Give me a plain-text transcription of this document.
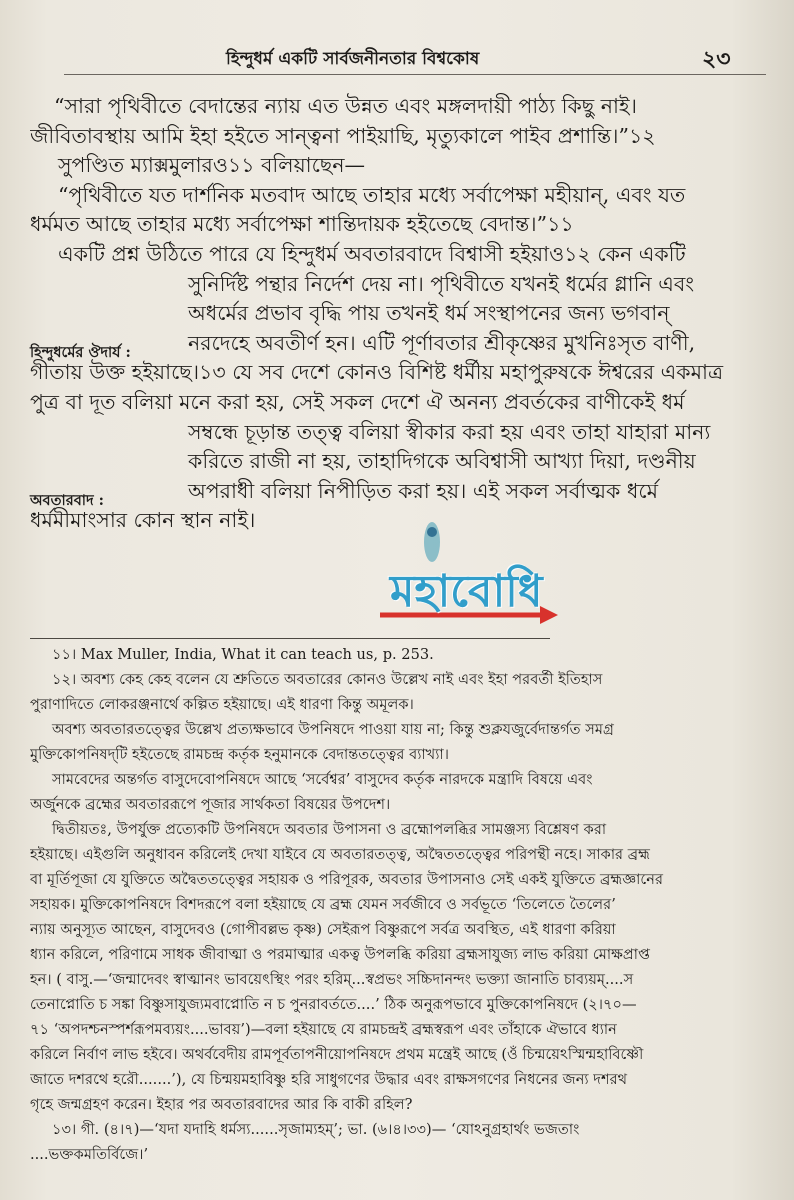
হিন্দুধর্ম একটি সার্বজনীনতার বিশ্বকোষ	২৩
“সারা পৃথিবীতে বেদান্তের ন্যায় এত উন্নত এবং মঙ্গলদায়ী পাঠ্য কিছু নাই।
জীবিতাবস্থায় আমি ইহা হইতে সান্ত্বনা পাইয়াছি, মৃত্যুকালে পাইব প্রশান্তি।”১২
সুপণ্ডিত ম্যাক্সমুলারও১১ বলিয়াছেন—
“পৃথিবীতে যত দার্শনিক মতবাদ আছে তাহার মধ্যে সর্বাপেক্ষা মহীয়ান্, এবং যত
ধর্মমত আছে তাহার মধ্যে সর্বাপেক্ষা শান্তিদায়ক হইতেছে বেদান্ত।”১১
একটি প্রশ্ন উঠিতে পারে যে হিন্দুধর্ম অবতারবাদে বিশ্বাসী হইয়াও১২ কেন একটি
সুনির্দিষ্ট পন্থার নির্দেশ দেয় না। পৃথিবীতে যখনই ধর্মের গ্লানি এবং
অধর্মের প্রভাব বৃদ্ধি পায় তখনই ধর্ম সংস্থাপনের জন্য ভগবান্
নরদেহে অবতীর্ণ হন। এটি পূর্ণাবতার শ্রীকৃষ্ণের মুখনিঃসৃত বাণী,
গীতায় উক্ত হইয়াছে।১৩ যে সব দেশে কোনও বিশিষ্ট ধর্মীয় মহাপুরুষকে ঈশ্বরের একমাত্র
পুত্র বা দূত বলিয়া মনে করা হয়, সেই সকল দেশে ঐ অনন্য প্রবর্তকের বাণীকেই ধর্ম
সম্বন্ধে চূড়ান্ত তত্ত্ব বলিয়া স্বীকার করা হয় এবং তাহা যাহারা মান্য
করিতে রাজী না হয়, তাহাদিগকে অবিশ্বাসী আখ্যা দিয়া, দণ্ডনীয়
অপরাধী বলিয়া নিপীড়িত করা হয়। এই সকল সর্বাত্মক ধর্মে
ধর্মমীমাংসার কোন স্থান নাই।
হিন্দুধর্মের ঔদার্য :
অবতারবাদ :
মহাবোধি
১১। Max Muller, India, What it can teach us, p. 253.
১২। অবশ্য কেহ কেহ বলেন যে শ্রুতিতে অবতারের কোনও উল্লেখ নাই এবং ইহা পরবর্তী ইতিহাস
পুরাণাদিতে লোকরঞ্জনার্থে কল্পিত হইয়াছে। এই ধারণা কিন্তু অমূলক।
অবশ্য অবতারতত্ত্বের উল্লেখ প্রত্যক্ষভাবে উপনিষদে পাওয়া যায় না; কিন্তু শুক্লযজুর্বেদান্তর্গত সমগ্র
মুক্তিকোপনিষদ্‌টি হইতেছে রামচন্দ্র কর্তৃক হনুমানকে বেদান্ততত্ত্বের ব্যাখ্যা।
সামবেদের অন্তর্গত বাসুদেবোপনিষদে আছে ‘সর্বেশ্বর’ বাসুদেব কর্তৃক নারদকে মন্ত্রাদি বিষয়ে এবং
অর্জুনকে ব্রহ্মের অবতাররূপে পূজার সার্থকতা বিষয়ের উপদেশ।
দ্বিতীয়তঃ, উপর্যুক্ত প্রত্যেকটি উপনিষদে অবতার উপাসনা ও ব্রহ্মোপলব্ধির সামঞ্জস্য বিশ্লেষণ করা
হইয়াছে। এইগুলি অনুধাবন করিলেই দেখা যাইবে যে অবতারতত্ত্ব, অদ্বৈততত্ত্বের পরিপন্থী নহে। সাকার ব্রহ্ম
বা মূর্তিপূজা যে যুক্তিতে অদ্বৈততত্ত্বের সহায়ক ও পরিপূরক, অবতার উপাসনাও সেই একই যুক্তিতে ব্রহ্মজ্ঞানের
সহায়ক। মুক্তিকোপনিষদে বিশদরূপে বলা হইয়াছে যে ব্রহ্ম যেমন সর্বজীবে ও সর্বভূতে ‘তিলেতে তৈলের’
ন্যায় অনুস্যূত আছেন, বাসুদেবও (গোপীবল্লভ কৃষ্ণ) সেইরূপ বিষ্ণুরূপে সর্বত্র অবস্থিত, এই ধারণা করিয়া
ধ্যান করিলে, পরিণামে সাধক জীবাত্মা ও পরমাত্মার একত্ব উপলব্ধি করিয়া ব্রহ্মসাযুজ্য লাভ করিয়া মোক্ষপ্রাপ্ত
হন। ( বাসু.—‘জন্মাদেবং স্বাত্মানং ভাবয়েৎস্থিং পরং হরিম্...স্বপ্রভং সচ্চিদানন্দং ভক্ত্যা জানাতি চাব্যয়ম্....স
তেনাপ্নোতি চ সঙ্কা বিষ্ণুসাযুজ্যমবাপ্নোতি ন চ পুনরাবর্ততে....’ ঠিক অনুরূপভাবে মুক্তিকোপনিষদে (২।৭০—
৭১ ‘অপদশ্চনস্পর্শরূপমব্যয়ং....ভাবয়’)—বলা হইয়াছে যে রামচন্দ্রই ব্রহ্মস্বরূপ এবং তাঁহাকে ঐভাবে ধ্যান
করিলে নির্বাণ লাভ হইবে। অথর্ববেদীয় রামপূর্বতাপনীয়োপনিষদে প্রথম মন্ত্রেই আছে (ওঁ চিন্ময়েঽস্মিন্মহাবিষ্ণৌ
জাতে দশরথে হরৌ.......’), যে চিন্ময়মহাবিষ্ণু হরি সাধুগণের উদ্ধার এবং রাক্ষসগণের নিধনের জন্য দশরথ
গৃহে জন্মগ্রহণ করেন। ইহার পর অবতারবাদের আর কি বাকী রহিল?
১৩। গী. (৪।৭)—‘যদা যদাহি ধর্মস্য......সৃজাম্যহম্’; ভা. (৬।৪।৩৩)— ‘যোঽনুগ্রহার্থং ভজতাং
....ভক্তকমতির্বিজে।’
